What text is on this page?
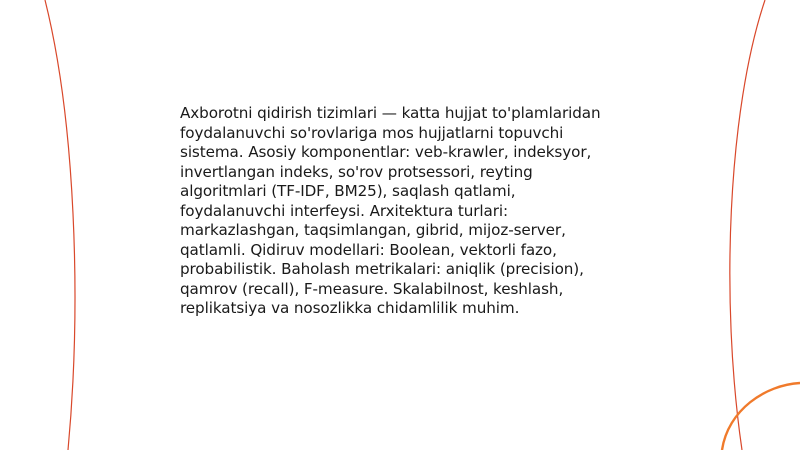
Axborotni qidirish tizimlari — katta hujjat to'plamlaridan foydalanuvchi so'rovlariga mos hujjatlarni topuvchi sistema. Asosiy komponentlar: veb-krawler, indeksyor, invertlangan indeks, so'rov protsessori, reyting algoritmlari (TF-IDF, BM25), saqlash qatlami, foydalanuvchi interfeysi. Arxitektura turlari: markazlashgan, taqsimlangan, gibrid, mijoz-server, qatlamli. Qidiruv modellari: Boolean, vektorli fazo, probabilistik. Baholash metrikalari: aniqlik (precision), qamrov (recall), F-measure. Skalabilnost, keshlash, replikatsiya va nosozlikka chidamlilik muhim.
